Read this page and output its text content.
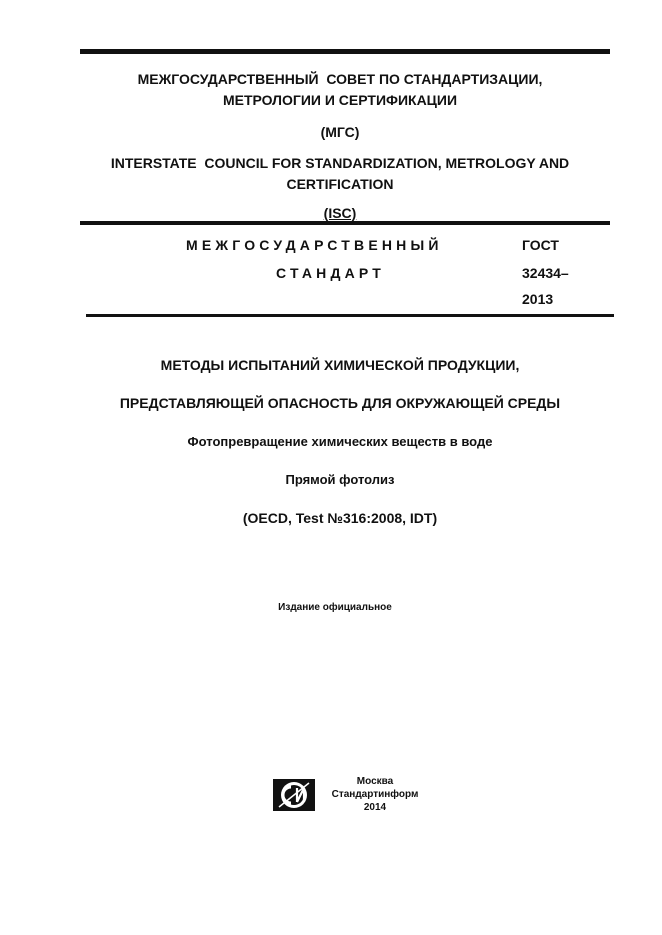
МЕЖГОСУДАРСТВЕННЫЙ  СОВЕТ ПО СТАНДАРТИЗАЦИИ,
МЕТРОЛОГИИ И СЕРТИФИКАЦИИ
(МГС)
INTERSTATE  COUNCIL FOR STANDARDIZATION, METROLOGY AND
CERTIFICATION
(ISC)
МЕЖГОСУДАРСТВЕННЫЙ
СТАНДАРТ
ГОСТ
32434–
2013
МЕТОДЫ ИСПЫТАНИЙ ХИМИЧЕСКОЙ ПРОДУКЦИИ,
ПРЕДСТАВЛЯЮЩЕЙ ОПАСНОСТЬ ДЛЯ ОКРУЖАЮЩЕЙ СРЕДЫ
Фотопревращение химических веществ в воде
Прямой фотолиз
(OECD, Test №316:2008, IDT)
Издание официальное
Москва
Стандартинформ
2014
